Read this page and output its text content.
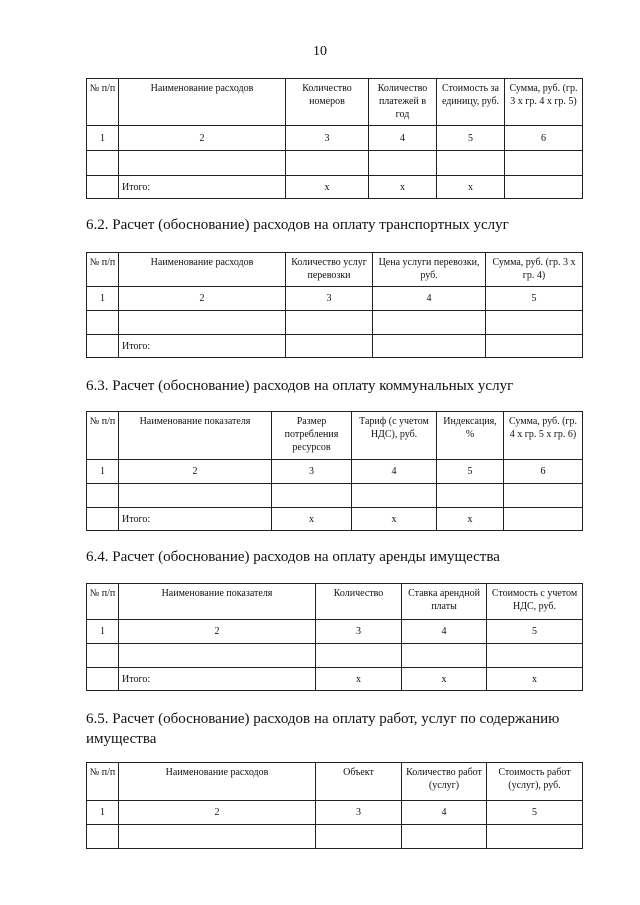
10
№ п/п	Наименование расходов	Количество номеров	Количество платежей в год	Стоимость за единицу, руб.	Сумма, руб. (гр. 3 х гр. 4 х гр. 5)
1	2	3	4	5	6

	Итого:	х	х	х	
6.2. Расчет (обоснование) расходов на оплату транспортных услуг
№ п/п	Наименование расходов	Количество услуг перевозки	Цена услуги перевозки, руб.	Сумма, руб. (гр. 3 х гр. 4)
1	2	3	4	5

	Итого:			
6.3. Расчет (обоснование) расходов на оплату коммунальных услуг
№ п/п	Наименование показателя	Размер потребления ресурсов	Тариф (с учетом НДС), руб.	Индексация, %	Сумма, руб. (гр. 4 х гр. 5 х гр. 6)
1	2	3	4	5	6

	Итого:	х	х	х	
6.4. Расчет (обоснование) расходов на оплату аренды имущества
№ п/п	Наименование показателя	Количество	Ставка арендной платы	Стоимость с учетом НДС, руб.
1	2	3	4	5

	Итого:	х	х	х
6.5. Расчет (обоснование) расходов на оплату работ, услуг по содержанию имущества
№ п/п	Наименование расходов	Объект	Количество работ (услуг)	Стоимость работ (услуг), руб.
1	2	3	4	5
